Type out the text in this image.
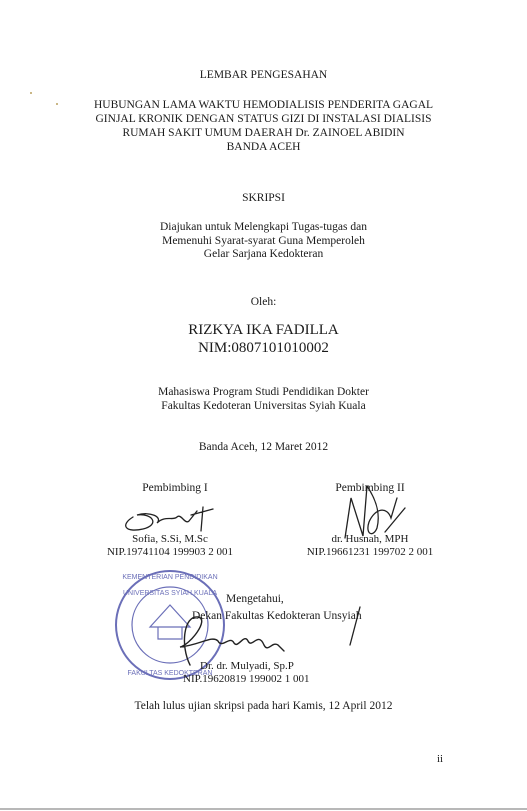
LEMBAR PENGESAHAN
HUBUNGAN LAMA WAKTU HEMODIALISIS PENDERITA GAGAL
GINJAL KRONIK DENGAN STATUS GIZI DI INSTALASI DIALISIS
RUMAH SAKIT UMUM DAERAH Dr. ZAINOEL ABIDIN
BANDA ACEH
SKRIPSI
Diajukan untuk Melengkapi Tugas-tugas dan
Memenuhi Syarat-syarat Guna Memperoleh
Gelar Sarjana Kedokteran
Oleh:
RIZKYA IKA FADILLA
NIM:0807101010002
Mahasiswa Program Studi Pendidikan Dokter
Fakultas Kedoteran Universitas Syiah Kuala
Banda Aceh, 12 Maret 2012
Pembimbing I	Pembimbing II
Sofia, S.Si, M.Sc
NIP.19741104 199903 2 001
dr. Husnah, MPH
NIP.19661231 199702 2 001
KEMENTERIAN PENDIDIKAN
UNIVERSITAS SYIAH KUALA
FAKULTAS KEDOKTERAN
Mengetahui,
Dekan Fakultas Kedokteran Unsyiah
Dr. dr. Mulyadi, Sp.P
NIP.19620819 199002 1 001
Telah lulus ujian skripsi pada hari Kamis, 12 April 2012
ii
